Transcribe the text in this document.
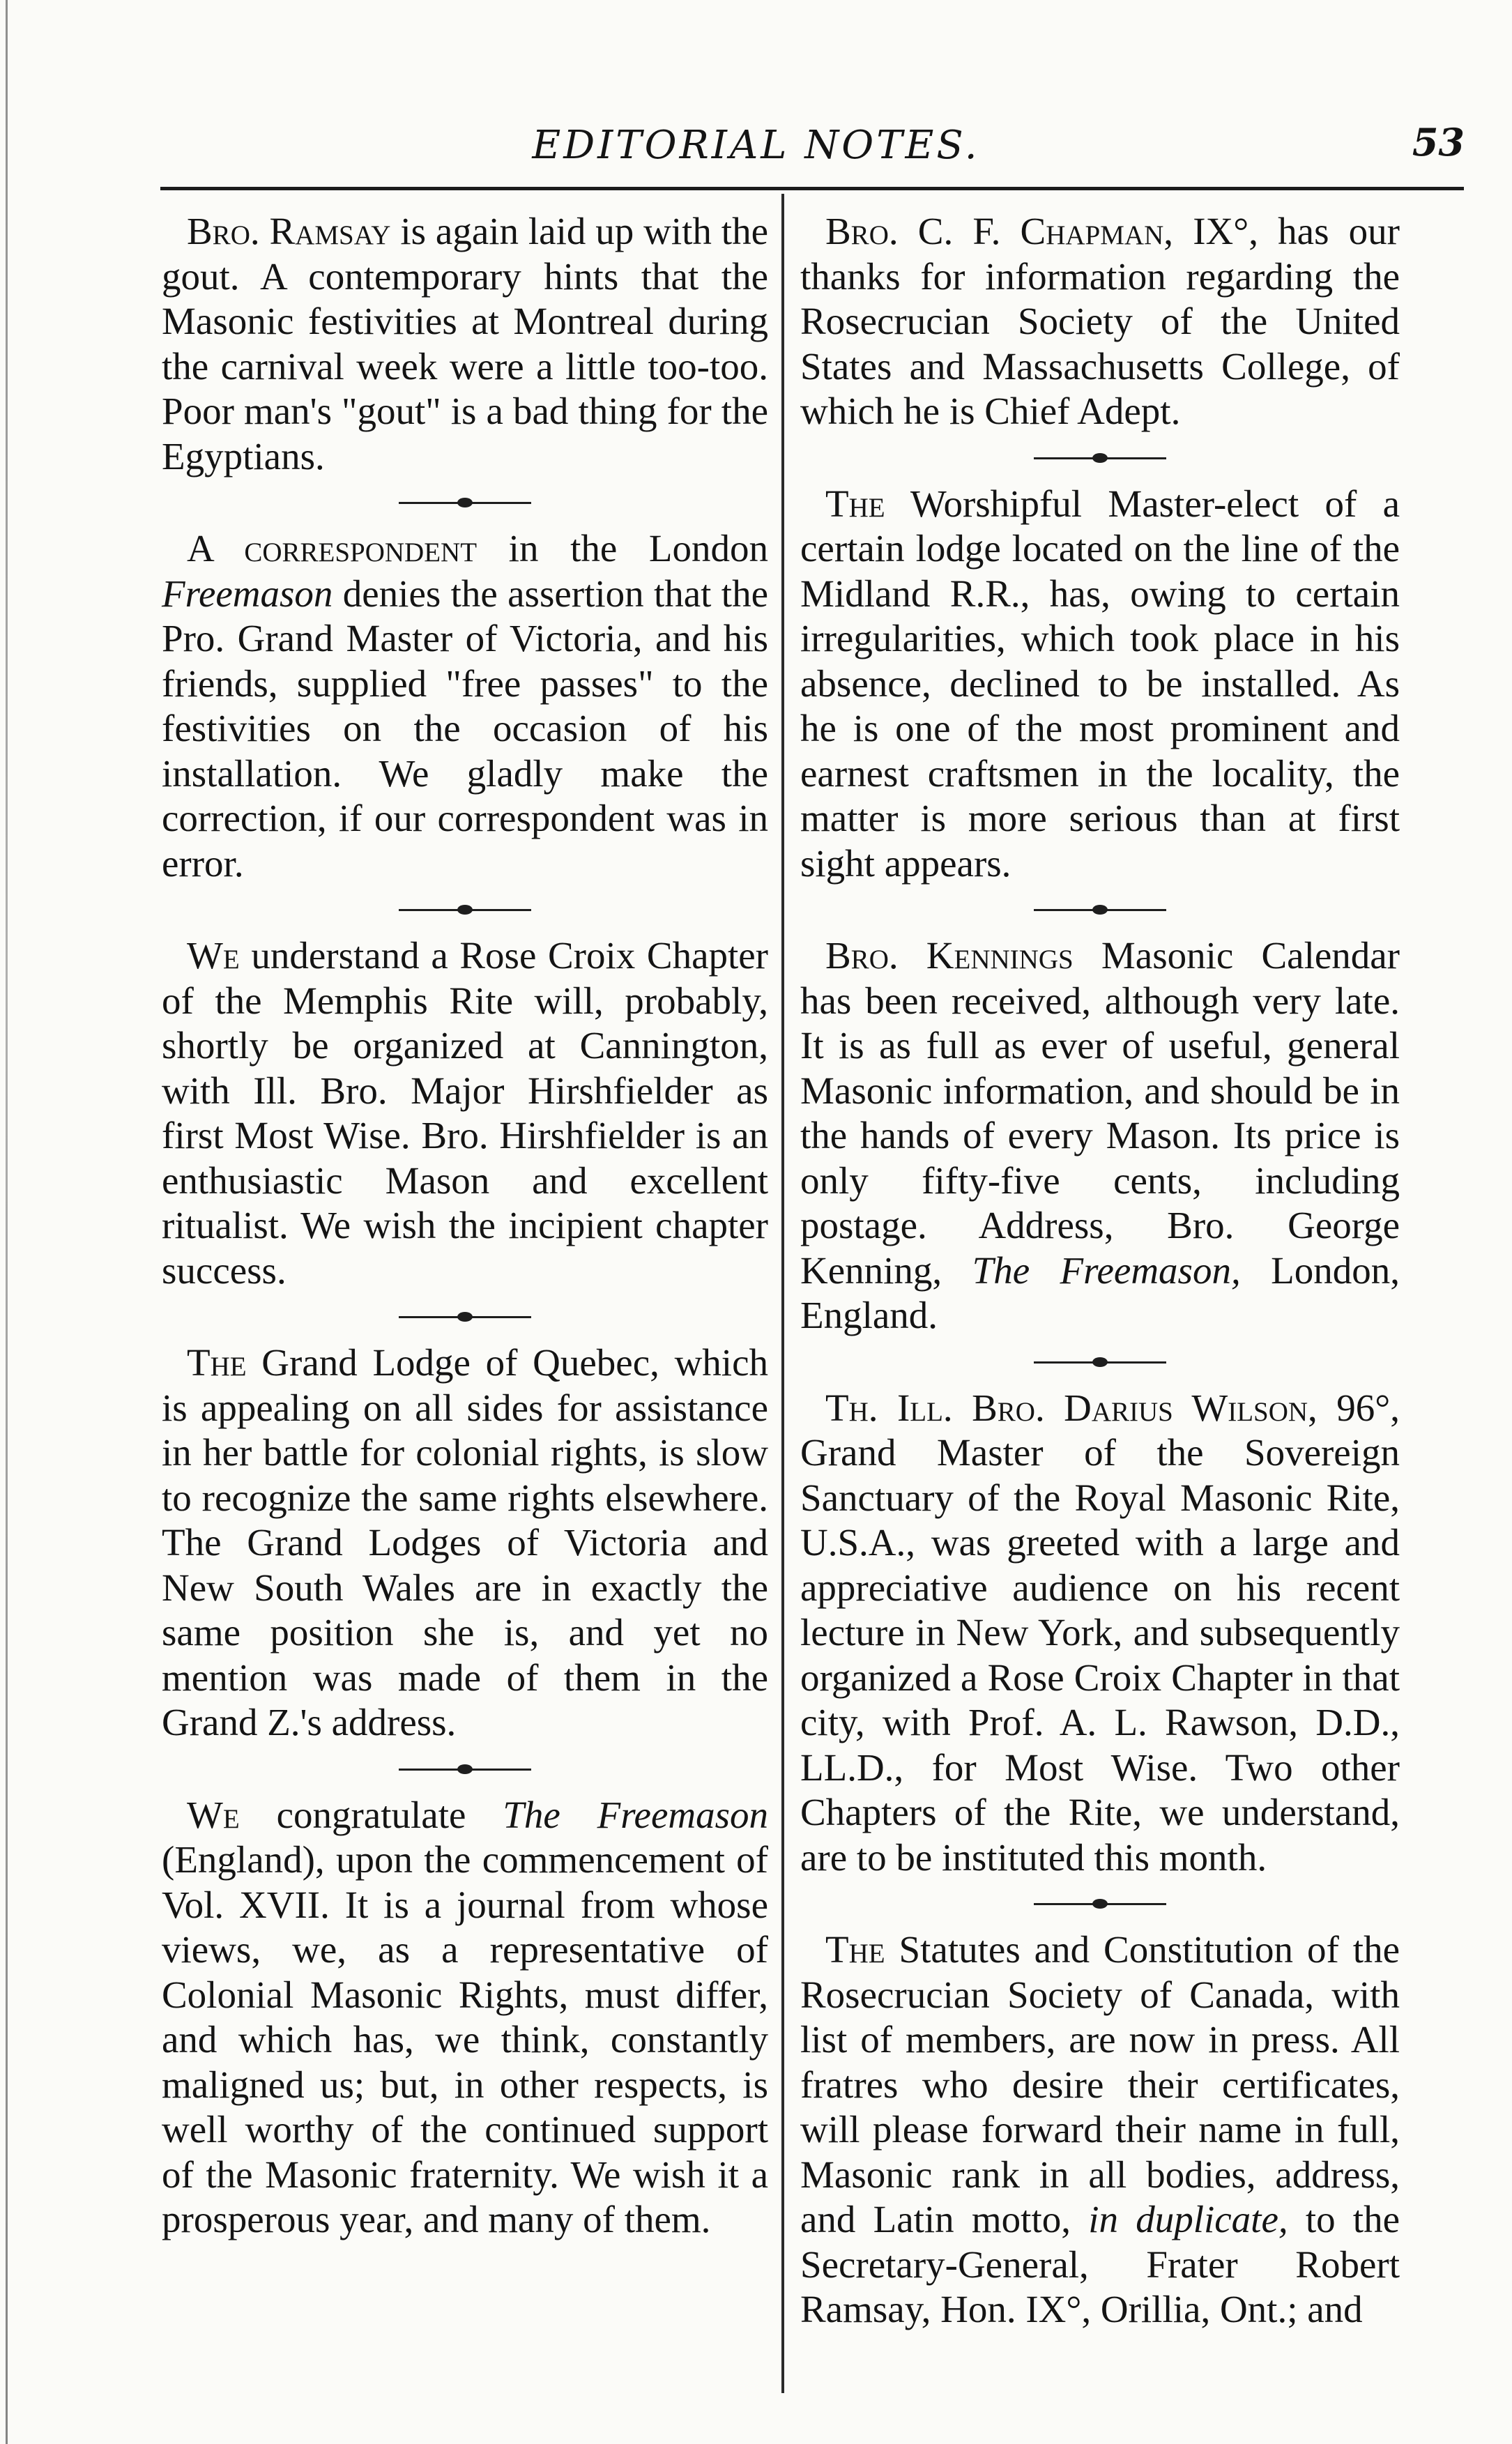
EDITORIAL NOTES.	53

Bro. Ramsay is again laid up with the gout. A contemporary hints that the Masonic festivities at Montreal during the carnival week were a little too-too. Poor man's "gout" is a bad thing for the Egyptians.

A correspondent in the London Freemason denies the assertion that the Pro. Grand Master of Victoria, and his friends, supplied "free passes" to the festivities on the occasion of his installation. We gladly make the correction, if our correspondent was in error.

We understand a Rose Croix Chapter of the Memphis Rite will, probably, shortly be organized at Cannington, with Ill. Bro. Major Hirshfielder as first Most Wise. Bro. Hirshfielder is an enthusiastic Mason and excellent ritualist. We wish the incipient chapter success.

The Grand Lodge of Quebec, which is appealing on all sides for assistance in her battle for colonial rights, is slow to recognize the same rights elsewhere. The Grand Lodges of Victoria and New South Wales are in exactly the same position she is, and yet no mention was made of them in the Grand Z.'s address.

We congratulate The Freemason (England), upon the commencement of Vol. XVII. It is a journal from whose views, we, as a representative of Colonial Masonic Rights, must differ, and which has, we think, constantly maligned us; but, in other respects, is well worthy of the continued support of the Masonic fraternity. We wish it a prosperous year, and many of them.

Bro. C. F. Chapman, IX°, has our thanks for information regarding the Rosecrucian Society of the United States and Massachusetts College, of which he is Chief Adept.

The Worshipful Master-elect of a certain lodge located on the line of the Midland R.R., has, owing to certain irregularities, which took place in his absence, declined to be installed. As he is one of the most prominent and earnest craftsmen in the locality, the matter is more serious than at first sight appears.

Bro. Kennings Masonic Calendar has been received, although very late. It is as full as ever of useful, general Masonic information, and should be in the hands of every Mason. Its price is only fifty-five cents, including postage. Address, Bro. George Kenning, The Freemason, London, England.

Th. Ill. Bro. Darius Wilson, 96°, Grand Master of the Sovereign Sanctuary of the Royal Masonic Rite, U.S.A., was greeted with a large and appreciative audience on his recent lecture in New York, and subsequently organized a Rose Croix Chapter in that city, with Prof. A. L. Rawson, D.D., LL.D., for Most Wise. Two other Chapters of the Rite, we understand, are to be instituted this month.

The Statutes and Constitution of the Rosecrucian Society of Canada, with list of members, are now in press. All fratres who desire their certificates, will please forward their name in full, Masonic rank in all bodies, address, and Latin motto, in duplicate, to the Secretary-General, Frater Robert Ramsay, Hon. IX°, Orillia, Ont.; and
